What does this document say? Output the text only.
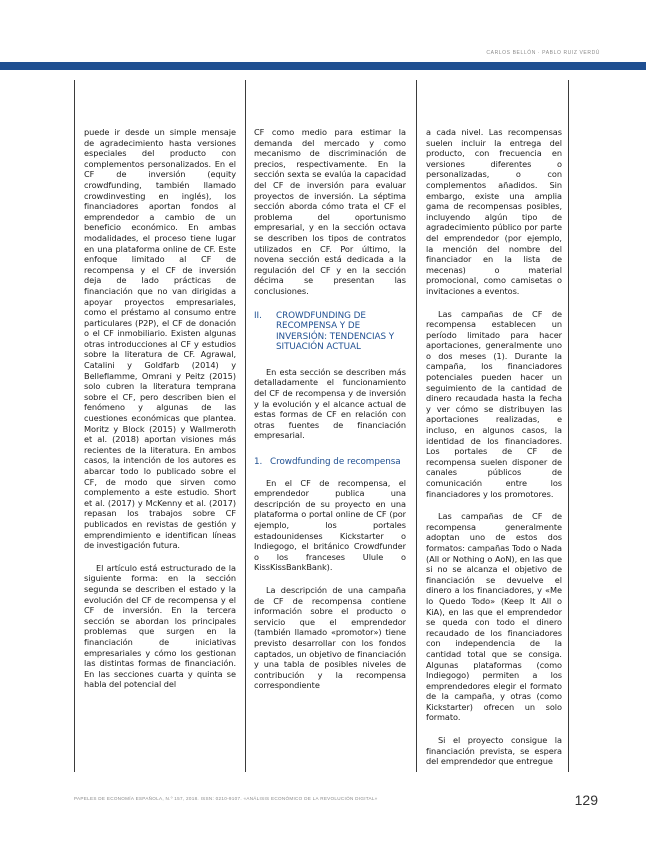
CARLOS BELLÓN · PABLO RUIZ VERDÚ

puede ir desde un simple mensaje de agradecimiento hasta versiones especiales del producto con complementos personalizados. En el CF de inversión (equity crowdfunding, también llamado crowdinvesting en inglés), los financiadores aportan fondos al emprendedor a cambio de un beneficio económico. En ambas modalidades, el proceso tiene lugar en una plataforma online de CF. Este enfoque limitado al CF de recompensa y el CF de inversión deja de lado prácticas de financiación que no van dirigidas a apoyar proyectos empresariales, como el préstamo al consumo entre particulares (P2P), el CF de donación o el CF inmobiliario. Existen algunas otras introducciones al CF y estudios sobre la literatura de CF. Agrawal, Catalini y Goldfarb (2014) y Belleflamme, Omrani y Peitz (2015) solo cubren la literatura temprana sobre el CF, pero describen bien el fenómeno y algunas de las cuestiones económicas que plantea. Moritz y Block (2015) y Wallmeroth et al. (2018) aportan visiones más recientes de la literatura. En ambos casos, la intención de los autores es abarcar todo lo publicado sobre el CF, de modo que sirven como complemento a este estudio. Short et al. (2017) y McKenny et al. (2017) repasan los trabajos sobre CF publicados en revistas de gestión y emprendimiento e identifican líneas de investigación futura.

El artículo está estructurado de la siguiente forma: en la sección segunda se describen el estado y la evolución del CF de recompensa y el CF de inversión. En la tercera sección se abordan los principales problemas que surgen en la financiación de iniciativas empresariales y cómo los gestionan las distintas formas de financiación. En las secciones cuarta y quinta se habla del potencial del

CF como medio para estimar la demanda del mercado y como mecanismo de discriminación de precios, respectivamente. En la sección sexta se evalúa la capacidad del CF de inversión para evaluar proyectos de inversión. La séptima sección aborda cómo trata el CF el problema del oportunismo empresarial, y en la sección octava se describen los tipos de contratos utilizados en CF. Por último, la novena sección está dedicada a la regulación del CF y en la sección décima se presentan las conclusiones.

II.	CROWDFUNDING DE RECOMPENSA Y DE INVERSIÓN: TENDENCIAS Y SITUACIÓN ACTUAL

En esta sección se describen más detalladamente el funcionamiento del CF de recompensa y de inversión y la evolución y el alcance actual de estas formas de CF en relación con otras fuentes de financiación empresarial.

1. Crowdfunding de recompensa

En el CF de recompensa, el emprendedor publica una descripción de su proyecto en una plataforma o portal online de CF (por ejemplo, los portales estadounidenses Kickstarter o Indiegogo, el británico Crowdfunder o los franceses Ulule o KissKissBankBank).

La descripción de una campaña de CF de recompensa contiene información sobre el producto o servicio que el emprendedor (también llamado «promotor») tiene previsto desarrollar con los fondos captados, un objetivo de financiación y una tabla de posibles niveles de contribución y la recompensa correspondiente

a cada nivel. Las recompensas suelen incluir la entrega del producto, con frecuencia en versiones diferentes o personalizadas, o con complementos añadidos. Sin embargo, existe una amplia gama de recompensas posibles, incluyendo algún tipo de agradecimiento público por parte del emprendedor (por ejemplo, la mención del nombre del financiador en la lista de mecenas) o material promocional, como camisetas o invitaciones a eventos.

Las campañas de CF de recompensa establecen un período limitado para hacer aportaciones, generalmente uno o dos meses (1). Durante la campaña, los financiadores potenciales pueden hacer un seguimiento de la cantidad de dinero recaudada hasta la fecha y ver cómo se distribuyen las aportaciones realizadas, e incluso, en algunos casos, la identidad de los financiadores. Los portales de CF de recompensa suelen disponer de canales públicos de comunicación entre los financiadores y los promotores.

Las campañas de CF de recompensa generalmente adoptan uno de estos dos formatos: campañas Todo o Nada (All or Nothing o AoN), en las que si no se alcanza el objetivo de financiación se devuelve el dinero a los financiadores, y «Me lo Quedo Todo» (Keep It All o KiA), en las que el emprendedor se queda con todo el dinero recaudado de los financiadores con independencia de la cantidad total que se consiga. Algunas plataformas (como Indiegogo) permiten a los emprendedores elegir el formato de la campaña, y otras (como Kickstarter) ofrecen un solo formato.

Si el proyecto consigue la financiación prevista, se espera del emprendedor que entregue

PAPELES DE ECONOMÍA ESPAÑOLA, N.º 157, 2018. ISSN: 0210-9107. «ANÁLISIS ECONÓMICO DE LA REVOLUCIÓN DIGITAL»	129
